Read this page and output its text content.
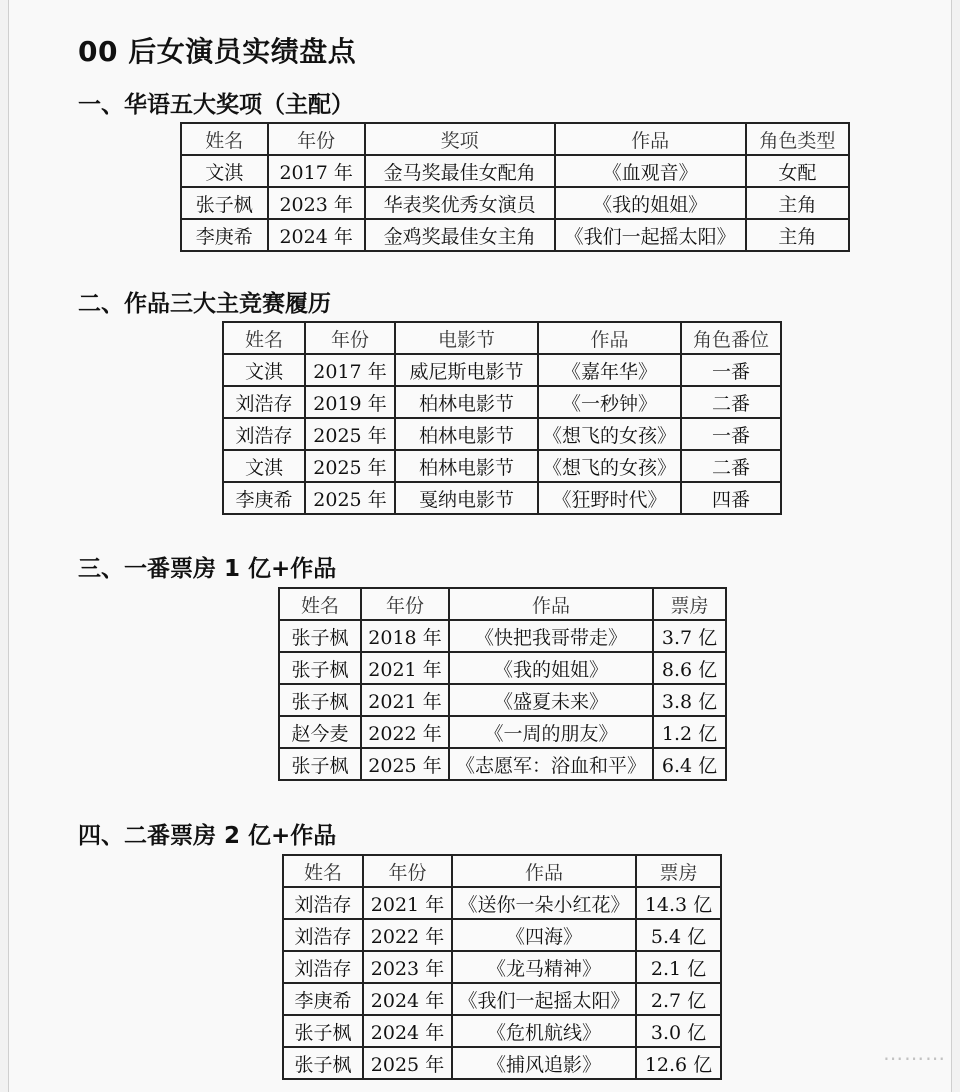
00 后女演员实绩盘点
一、华语五大奖项（主配）
姓名	年份	奖项	作品	角色类型
文淇	2017 年	金马奖最佳女配角	《血观音》	女配
张子枫	2023 年	华表奖优秀女演员	《我的姐姐》	主角
李庚希	2024 年	金鸡奖最佳女主角	《我们一起摇太阳》	主角
二、作品三大主竞赛履历
姓名	年份	电影节	作品	角色番位
文淇	2017 年	威尼斯电影节	《嘉年华》	一番
刘浩存	2019 年	柏林电影节	《一秒钟》	二番
刘浩存	2025 年	柏林电影节	《想飞的女孩》	一番
文淇	2025 年	柏林电影节	《想飞的女孩》	二番
李庚希	2025 年	戛纳电影节	《狂野时代》	四番
三、一番票房 1 亿+作品
姓名	年份	作品	票房
张子枫	2018 年	《快把我哥带走》	3.7 亿
张子枫	2021 年	《我的姐姐》	8.6 亿
张子枫	2021 年	《盛夏未来》	3.8 亿
赵今麦	2022 年	《一周的朋友》	1.2 亿
张子枫	2025 年	《志愿军：浴血和平》	6.4 亿
四、二番票房 2 亿+作品
姓名	年份	作品	票房
刘浩存	2021 年	《送你一朵小红花》	14.3 亿
刘浩存	2022 年	《四海》	5.4 亿
刘浩存	2023 年	《龙马精神》	2.1 亿
李庚希	2024 年	《我们一起摇太阳》	2.7 亿
张子枫	2024 年	《危机航线》	3.0 亿
张子枫	2025 年	《捕风追影》	12.6 亿	⋯⋯⋯
